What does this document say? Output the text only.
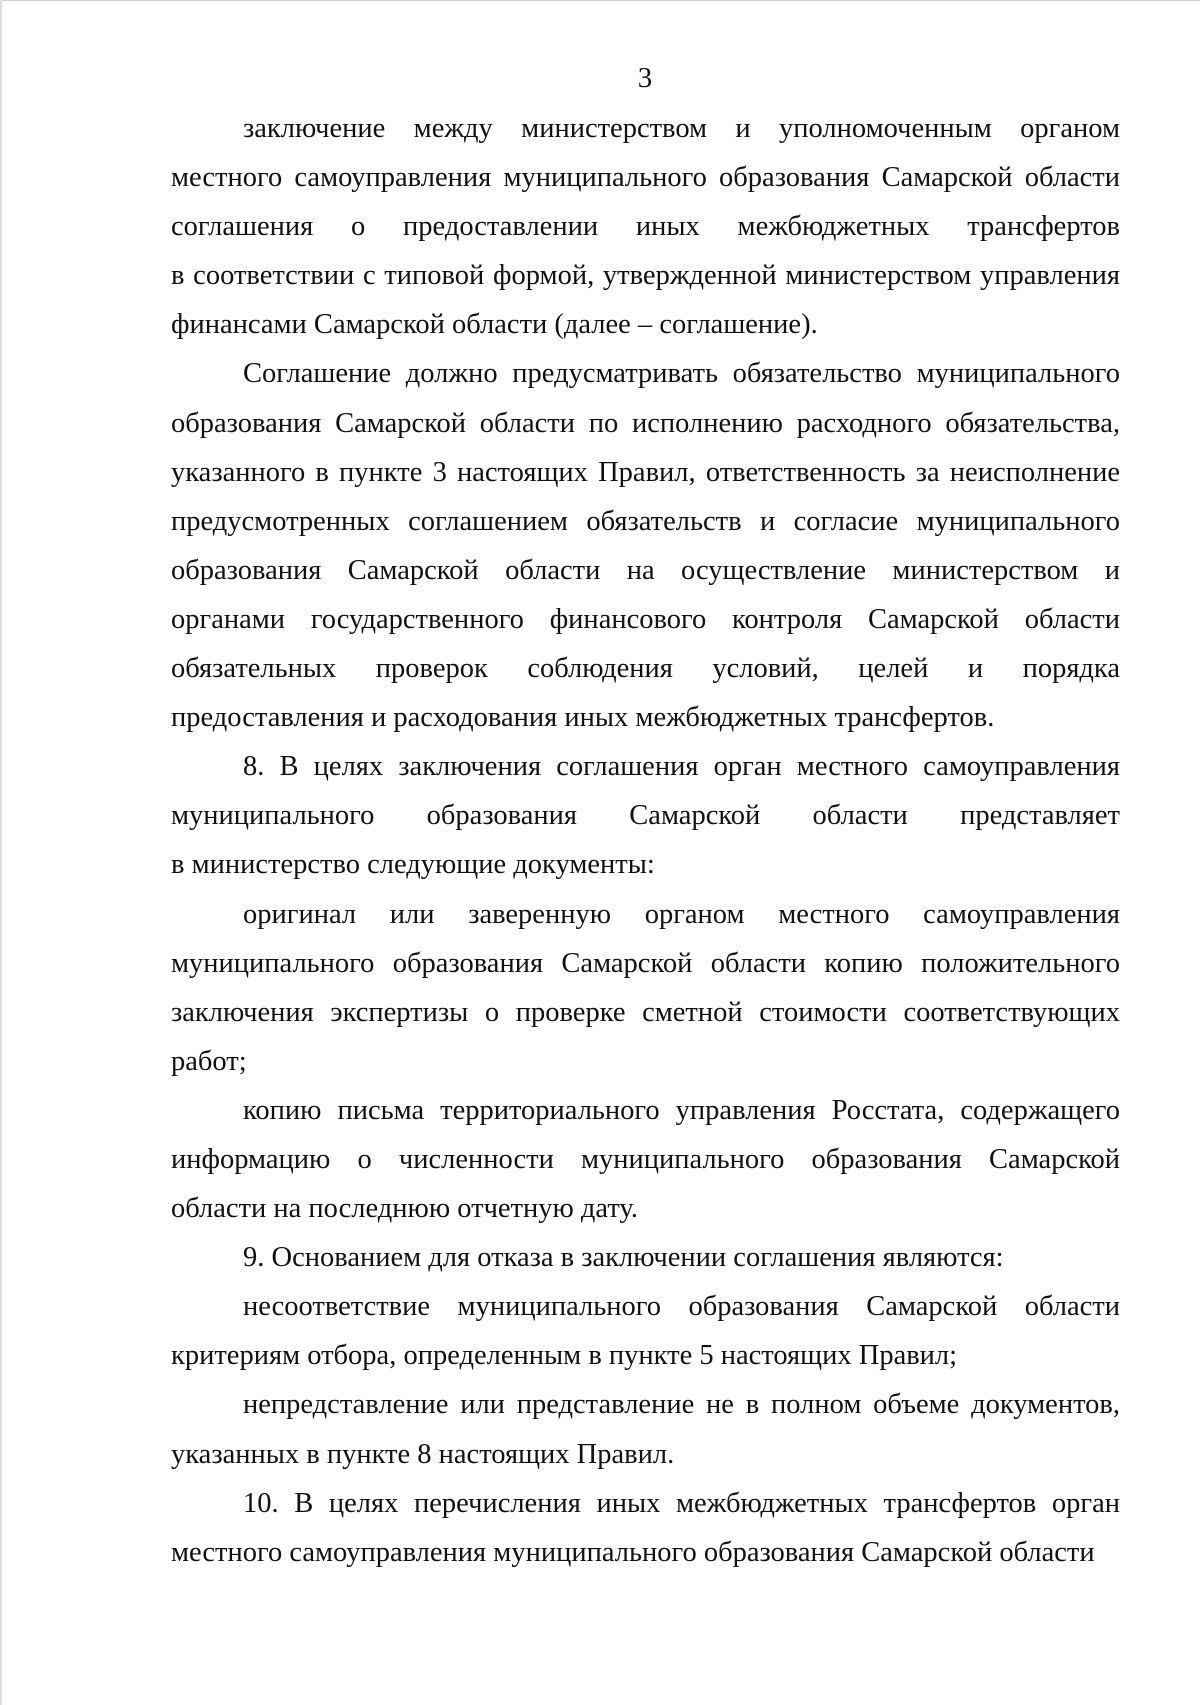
3
заключение между министерством и уполномоченным органом
местного самоуправления муниципального образования Самарской области
соглашения о предоставлении иных межбюджетных трансфертов
в соответствии с типовой формой, утвержденной министерством управления
финансами Самарской области (далее – соглашение).
Соглашение должно предусматривать обязательство муниципального
образования Самарской области по исполнению расходного обязательства,
указанного в пункте 3 настоящих Правил, ответственность за неисполнение
предусмотренных соглашением обязательств и согласие муниципального
образования Самарской области на осуществление министерством и
органами государственного финансового контроля Самарской области
обязательных проверок соблюдения условий, целей и порядка
предоставления и расходования иных межбюджетных трансфертов.
8. В целях заключения соглашения орган местного самоуправления
муниципального образования Самарской области представляет
в министерство следующие документы:
оригинал или заверенную органом местного самоуправления
муниципального образования Самарской области копию положительного
заключения экспертизы о проверке сметной стоимости соответствующих
работ;
копию письма территориального управления Росстата, содержащего
информацию о численности муниципального образования Самарской
области на последнюю отчетную дату.
9. Основанием для отказа в заключении соглашения являются:
несоответствие муниципального образования Самарской области
критериям отбора, определенным в пункте 5 настоящих Правил;
непредставление или представление не в полном объеме документов,
указанных в пункте 8 настоящих Правил.
10. В целях перечисления иных межбюджетных трансфертов орган
местного самоуправления муниципального образования Самарской области
